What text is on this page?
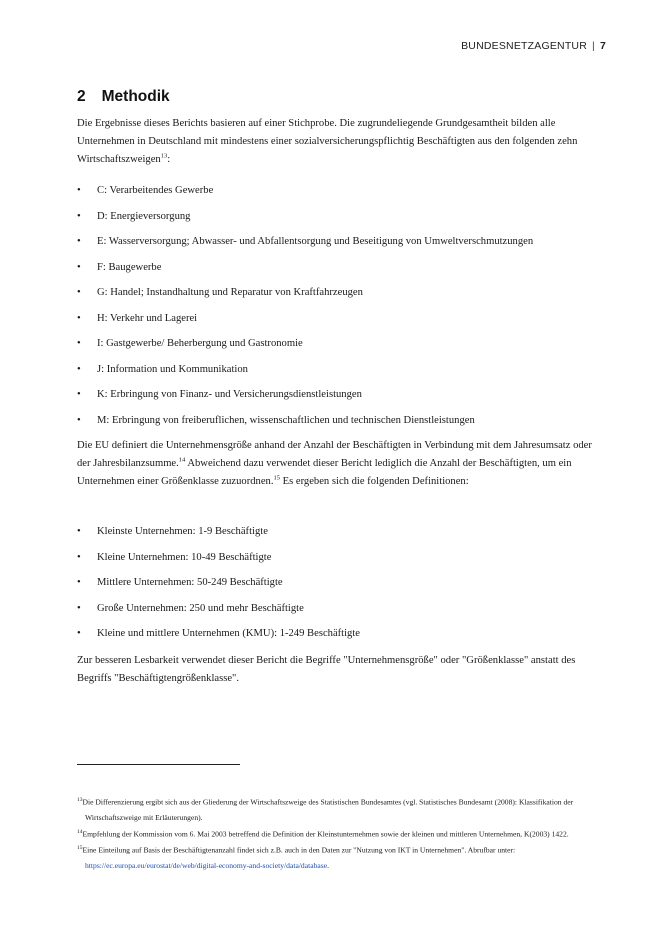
BUNDESNETZAGENTUR | 7
2 Methodik

Die Ergebnisse dieses Berichts basieren auf einer Stichprobe. Die zugrundeliegende Grundgesamtheit bilden alle Unternehmen in Deutschland mit mindestens einer sozialversicherungspflichtig Beschäftigten aus den folgenden zehn Wirtschaftszweigen$^{13}$:

•	C: Verarbeitendes Gewerbe
•	D: Energieversorgung
•	E: Wasserversorgung; Abwasser- und Abfallentsorgung und Beseitigung von Umweltverschmutzungen
•	F: Baugewerbe
•	G: Handel; Instandhaltung und Reparatur von Kraftfahrzeugen
•	H: Verkehr und Lagerei
•	I: Gastgewerbe/ Beherbergung und Gastronomie
•	J: Information und Kommunikation
•	K: Erbringung von Finanz- und Versicherungsdienstleistungen
•	M: Erbringung von freiberuflichen, wissenschaftlichen und technischen Dienstleistungen

Die EU definiert die Unternehmensgröße anhand der Anzahl der Beschäftigten in Verbindung mit dem Jahresumsatz oder der Jahresbilanzsumme.$^{14}$ Abweichend dazu verwendet dieser Bericht lediglich die Anzahl der Beschäftigten, um ein Unternehmen einer Größenklasse zuzuordnen.$^{15}$ Es ergeben sich die folgenden Definitionen:

•	Kleinste Unternehmen: 1-9 Beschäftigte
•	Kleine Unternehmen: 10-49 Beschäftigte
•	Mittlere Unternehmen: 50-249 Beschäftigte
•	Große Unternehmen: 250 und mehr Beschäftigte
•	Kleine und mittlere Unternehmen (KMU): 1-249 Beschäftigte

Zur besseren Lesbarkeit verwendet dieser Bericht die Begriffe "Unternehmensgröße" oder "Größenklasse" anstatt des Begriffs "Beschäftigtengrößenklasse".

$^{13}$Die Differenzierung ergibt sich aus der Gliederung der Wirtschaftszweige des Statistischen Bundesamtes (vgl. Statistisches Bundesamt (2008): Klassifikation der Wirtschaftszweige mit Erläuterungen).

$^{14}$Empfehlung der Kommission vom 6. Mai 2003 betreffend die Definition der Kleinstunternehmen sowie der kleinen und mittleren Unternehmen, K(2003) 1422.

$^{15}$Eine Einteilung auf Basis der Beschäftigtenanzahl findet sich z.B. auch in den Daten zur "Nutzung von IKT in Unternehmen". Abrufbar unter: https://ec.europa.eu/eurostat/de/web/digital-economy-and-society/data/database.
